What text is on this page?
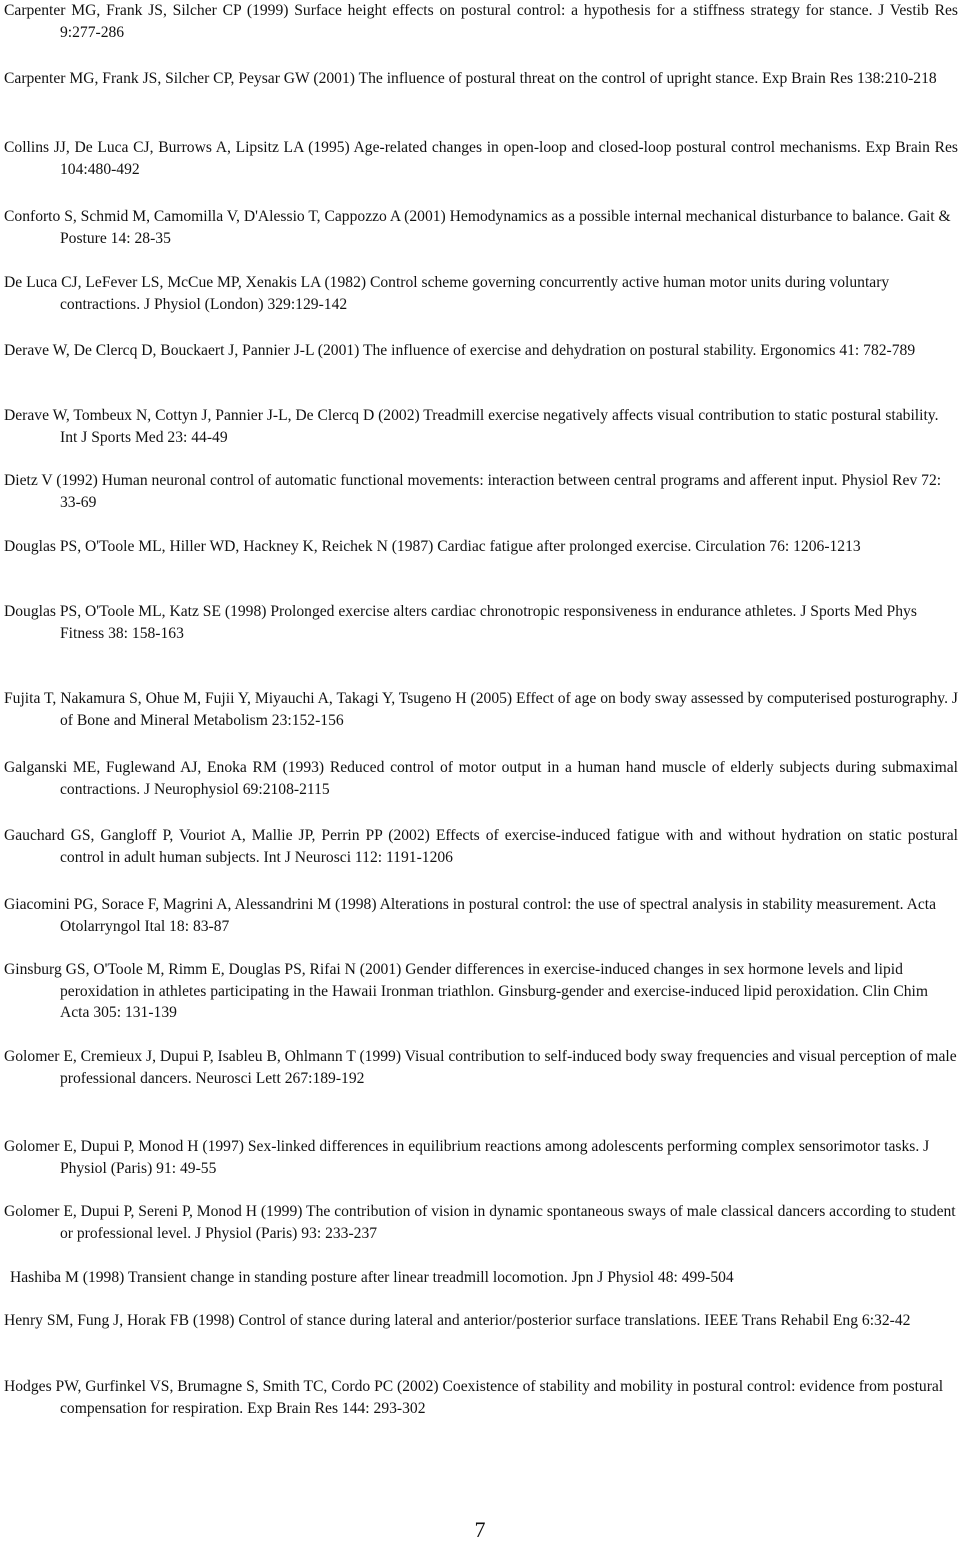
Carpenter MG, Frank JS, Silcher CP (1999) Surface height effects on postural control: a hypothesis for a stiffness strategy for stance. J Vestib Res 9:277-286
Carpenter MG, Frank JS, Silcher CP, Peysar GW (2001) The influence of postural threat on the control of upright stance. Exp Brain Res 138:210-218
Collins JJ, De Luca CJ, Burrows A, Lipsitz LA (1995) Age-related changes in open-loop and closed-loop postural control mechanisms. Exp Brain Res 104:480-492
Conforto S, Schmid M, Camomilla V, D'Alessio T, Cappozzo A (2001) Hemodynamics as a possible internal mechanical disturbance to balance. Gait & Posture 14: 28-35
De Luca CJ, LeFever LS, McCue MP, Xenakis LA (1982) Control scheme governing concurrently active human motor units during voluntary contractions. J Physiol (London) 329:129-142
Derave W, De Clercq D, Bouckaert J, Pannier J-L (2001) The influence of exercise and dehydration on postural stability. Ergonomics 41: 782-789
Derave W, Tombeux N, Cottyn J, Pannier J-L, De Clercq D (2002) Treadmill exercise negatively affects visual contribution to static postural stability. Int J Sports Med 23: 44-49
Dietz V (1992) Human neuronal control of automatic functional movements: interaction between central programs and afferent input. Physiol Rev 72: 33-69
Douglas PS, O'Toole ML, Hiller WD, Hackney K, Reichek N (1987) Cardiac fatigue after prolonged exercise. Circulation 76: 1206-1213
Douglas PS, O'Toole ML, Katz SE (1998) Prolonged exercise alters cardiac chronotropic responsiveness in endurance athletes. J Sports Med Phys Fitness 38: 158-163
Fujita T, Nakamura S, Ohue M, Fujii Y, Miyauchi A, Takagi Y, Tsugeno H (2005) Effect of age on body sway assessed by computerised posturography. J of Bone and Mineral Metabolism 23:152-156
Galganski ME, Fuglewand AJ, Enoka RM (1993) Reduced control of motor output in a human hand muscle of elderly subjects during submaximal contractions. J Neurophysiol 69:2108-2115
Gauchard GS, Gangloff P, Vouriot A, Mallie JP, Perrin PP (2002) Effects of exercise-induced fatigue with and without hydration on static postural control in adult human subjects. Int J Neurosci 112: 1191-1206
Giacomini PG, Sorace F, Magrini A, Alessandrini M (1998) Alterations in postural control: the use of spectral analysis in stability measurement. Acta Otolarryngol Ital 18: 83-87
Ginsburg GS, O'Toole M, Rimm E, Douglas PS, Rifai N (2001) Gender differences in exercise-induced changes in sex hormone levels and lipid peroxidation in athletes participating in the Hawaii Ironman triathlon. Ginsburg-gender and exercise-induced lipid peroxidation. Clin Chim Acta 305: 131-139
Golomer E, Cremieux J, Dupui P, Isableu B, Ohlmann T (1999) Visual contribution to self-induced body sway frequencies and visual perception of male professional dancers. Neurosci Lett 267:189-192
Golomer E, Dupui P, Monod H (1997) Sex-linked differences in equilibrium reactions among adolescents performing complex sensorimotor tasks. J Physiol (Paris) 91: 49-55
Golomer E, Dupui P, Sereni P, Monod H (1999) The contribution of vision in dynamic spontaneous sways of male classical dancers according to student or professional level. J Physiol (Paris) 93: 233-237
Hashiba M (1998) Transient change in standing posture after linear treadmill locomotion. Jpn J Physiol 48: 499-504
Henry SM, Fung J, Horak FB (1998) Control of stance during lateral and anterior/posterior surface translations. IEEE Trans Rehabil Eng 6:32-42
Hodges PW, Gurfinkel VS, Brumagne S, Smith TC, Cordo PC (2002) Coexistence of stability and mobility in postural control: evidence from postural compensation for respiration. Exp Brain Res 144: 293-302
7
